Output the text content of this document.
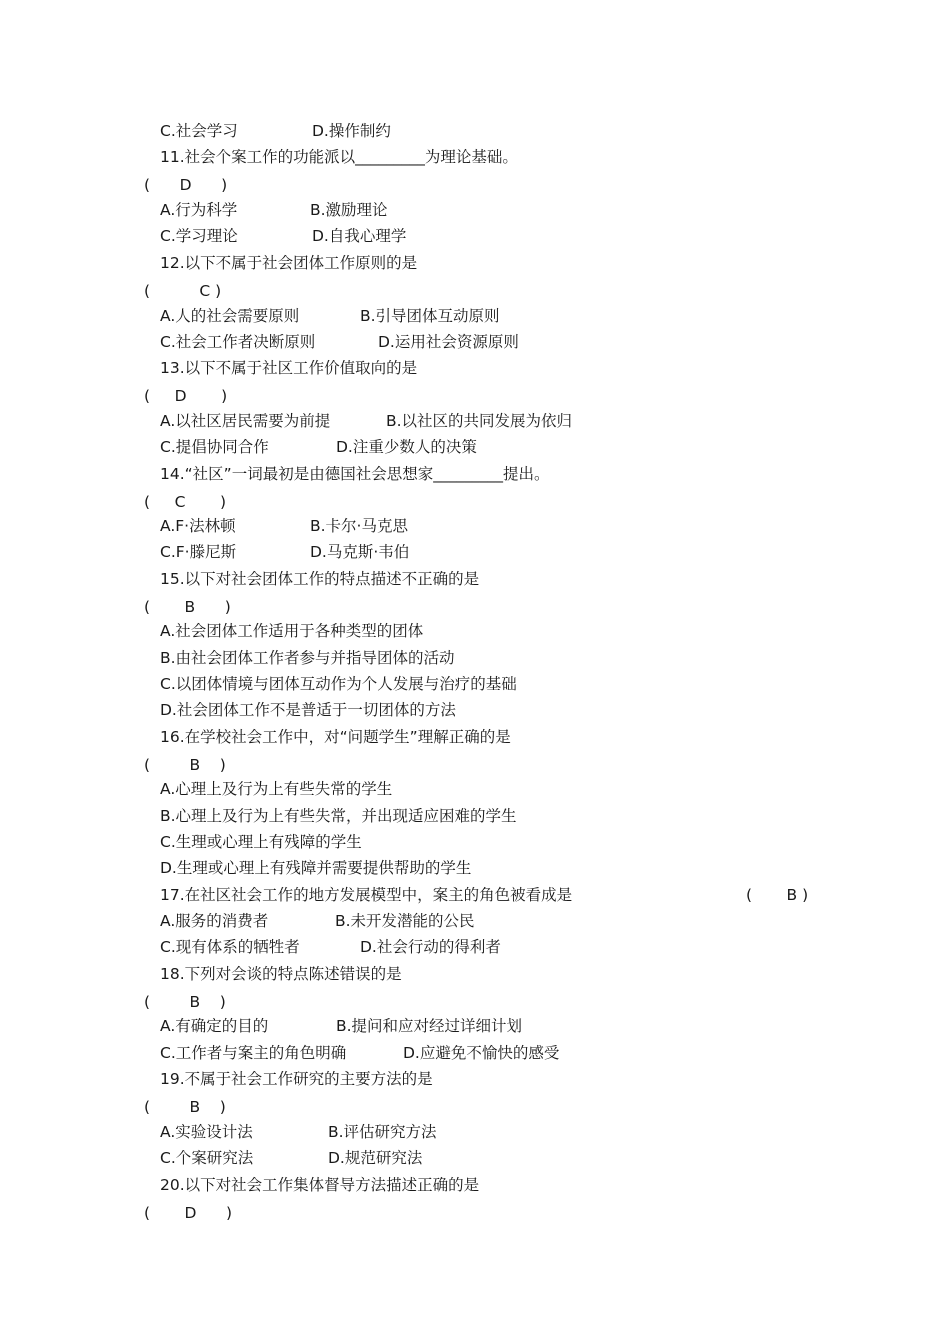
C.社会学习	D.操作制约
11.社会个案工作的功能派以_________为理论基础。
(      D      )
A.行为科学	B.激励理论
C.学习理论	D.自我心理学
12.以下不属于社会团体工作原则的是
(          C )
A.人的社会需要原则	B.引导团体互动原则
C.社会工作者决断原则	D.运用社会资源原则
13.以下不属于社区工作价值取向的是
(     D       )
A.以社区居民需要为前提	B.以社区的共同发展为依归
C.提倡协同合作	D.注重少数人的决策
14.“社区”一词最初是由德国社会思想家_________提出。
(     C       )
A.F·法林顿	B.卡尔·马克思
C.F·滕尼斯	D.马克斯·韦伯
15.以下对社会团体工作的特点描述不正确的是
(       B      )
A.社会团体工作适用于各种类型的团体
B.由社会团体工作者参与并指导团体的活动
C.以团体情境与团体互动作为个人发展与治疗的基础
D.社会团体工作不是普适于一切团体的方法
16.在学校社会工作中，对“问题学生”理解正确的是
(        B    )
A.心理上及行为上有些失常的学生
B.心理上及行为上有些失常，并出现适应困难的学生
C.生理或心理上有残障的学生
D.生理或心理上有残障并需要提供帮助的学生
17.在社区社会工作的地方发展模型中，案主的角色被看成是	(       B )
A.服务的消费者	B.未开发潜能的公民
C.现有体系的牺牲者	D.社会行动的得利者
18.下列对会谈的特点陈述错误的是
(        B    )
A.有确定的目的	B.提问和应对经过详细计划
C.工作者与案主的角色明确	D.应避免不愉快的感受
19.不属于社会工作研究的主要方法的是
(        B    )
A.实验设计法	B.评估研究方法
C.个案研究法	D.规范研究法
20.以下对社会工作集体督导方法描述正确的是
(       D      )
